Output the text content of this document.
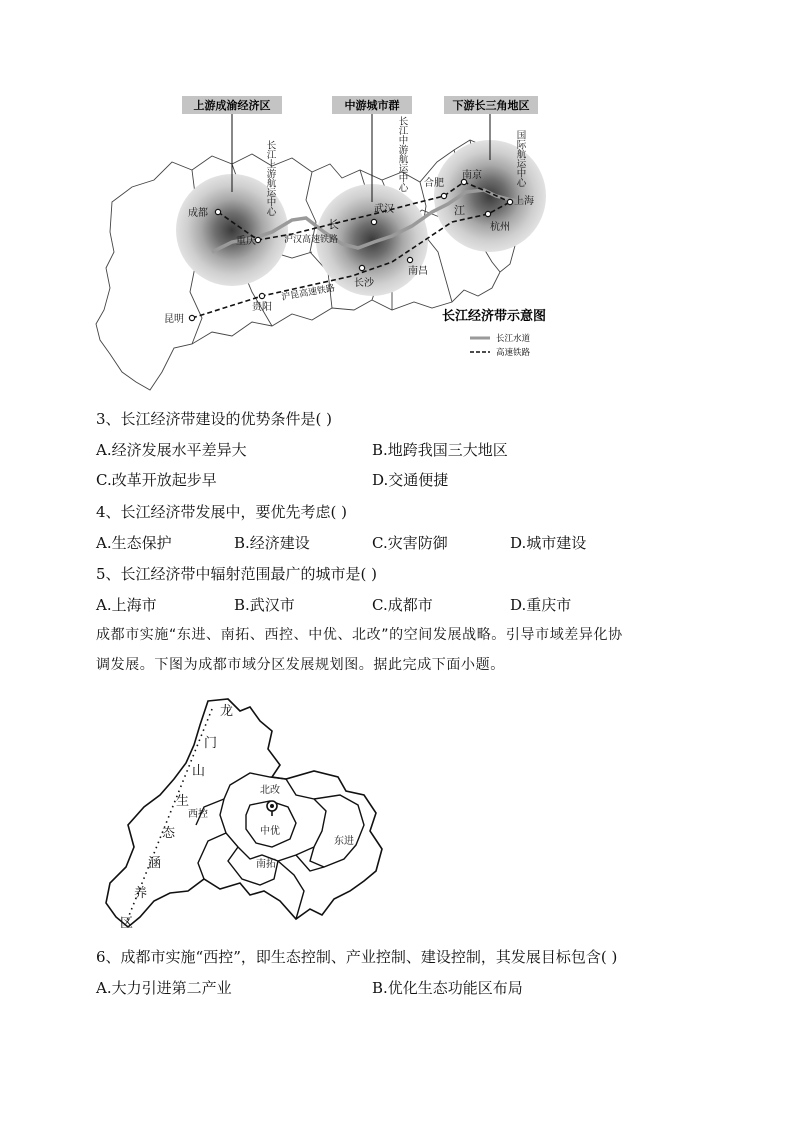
上游成渝经济区	中游城市群	下游长三角地区
长江上游航运中心	长江中游航运中心	国际航运中心
成都
重庆
武汉
合肥
南京
上海
杭州
南昌
长沙
贵阳
昆明
沪汉高速铁路
沪昆高速铁路
长
江
长江经济带示意图
长江水道
高速铁路
3、长江经济带建设的优势条件是( )
A.经济发展水平差异大	B.地跨我国三大地区
C.改革开放起步早	D.交通便捷
4、长江经济带发展中，要优先考虑( )
A.生态保护	B.经济建设	C.灾害防御	D.城市建设
5、长江经济带中辐射范围最广的城市是( )
A.上海市	B.武汉市	C.成都市	D.重庆市
成都市实施“东进、南拓、西控、中优、北改”的空间发展战略。引导市域差异化协
调发展。下图为成都市域分区发展规划图。据此完成下面小题。
北改
西控
中优
东进
南拓
龙
门
山
生
态
涵
养
区
6、成都市实施“西控”，即生态控制、产业控制、建设控制，其发展目标包含( )
A.大力引进第二产业	B.优化生态功能区布局
